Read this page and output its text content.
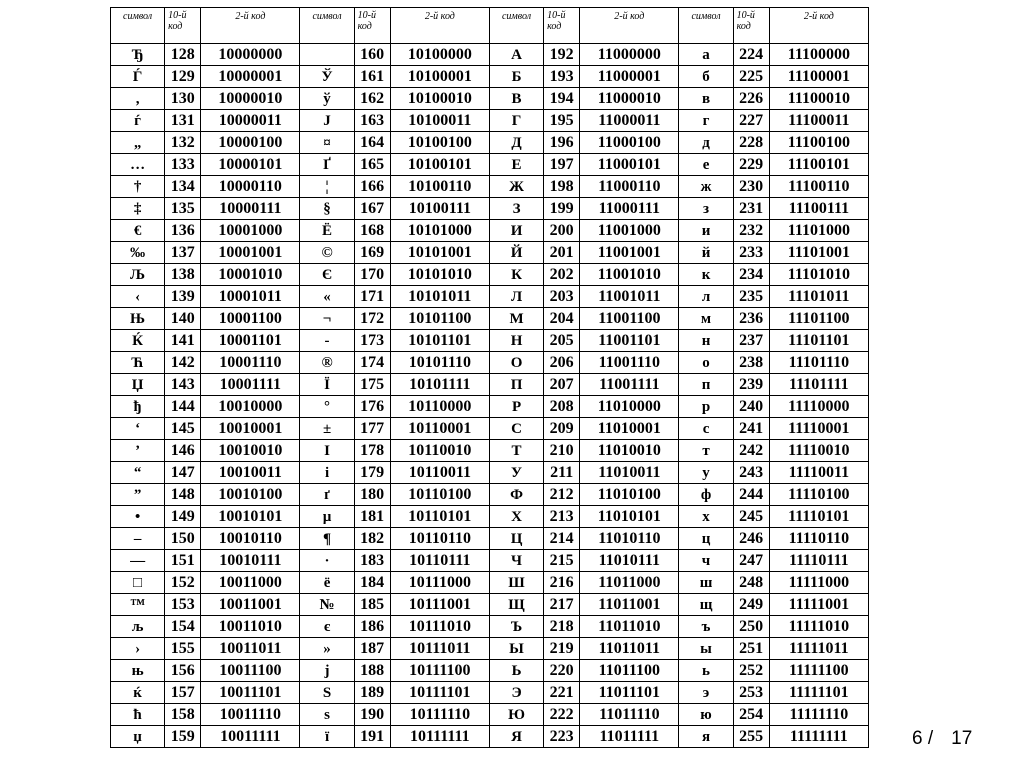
символ	10-й код	2-й код	символ	10-й код	2-й код	символ	10-й код	2-й код	символ	10-й код	2-й код
Ђ	128	10000000		160	10100000	А	192	11000000	а	224	11100000
Ѓ	129	10000001	Ў	161	10100001	Б	193	11000001	б	225	11100001
‚	130	10000010	ў	162	10100010	В	194	11000010	в	226	11100010
ѓ	131	10000011	Ј	163	10100011	Г	195	11000011	г	227	11100011
„	132	10000100	¤	164	10100100	Д	196	11000100	д	228	11100100
…	133	10000101	Ґ	165	10100101	Е	197	11000101	е	229	11100101
†	134	10000110	¦	166	10100110	Ж	198	11000110	ж	230	11100110
‡	135	10000111	§	167	10100111	З	199	11000111	з	231	11100111
€	136	10001000	Ё	168	10101000	И	200	11001000	и	232	11101000
‰	137	10001001	©	169	10101001	Й	201	11001001	й	233	11101001
Љ	138	10001010	Є	170	10101010	К	202	11001010	к	234	11101010
‹	139	10001011	«	171	10101011	Л	203	11001011	л	235	11101011
Њ	140	10001100	¬	172	10101100	М	204	11001100	м	236	11101100
Ќ	141	10001101	-	173	10101101	Н	205	11001101	н	237	11101101
Ћ	142	10001110	®	174	10101110	О	206	11001110	о	238	11101110
Џ	143	10001111	Ї	175	10101111	П	207	11001111	п	239	11101111
ђ	144	10010000	°	176	10110000	Р	208	11010000	р	240	11110000
‘	145	10010001	±	177	10110001	С	209	11010001	с	241	11110001
’	146	10010010	І	178	10110010	Т	210	11010010	т	242	11110010
“	147	10010011	і	179	10110011	У	211	11010011	у	243	11110011
”	148	10010100	ґ	180	10110100	Ф	212	11010100	ф	244	11110100
•	149	10010101	µ	181	10110101	Х	213	11010101	х	245	11110101
–	150	10010110	¶	182	10110110	Ц	214	11010110	ц	246	11110110
—	151	10010111	·	183	10110111	Ч	215	11010111	ч	247	11110111
□	152	10011000	ё	184	10111000	Ш	216	11011000	ш	248	11111000
™	153	10011001	№	185	10111001	Щ	217	11011001	щ	249	11111001
љ	154	10011010	є	186	10111010	Ъ	218	11011010	ъ	250	11111010
›	155	10011011	»	187	10111011	Ы	219	11011011	ы	251	11111011
њ	156	10011100	ј	188	10111100	Ь	220	11011100	ь	252	11111100
ќ	157	10011101	Ѕ	189	10111101	Э	221	11011101	э	253	11111101
ћ	158	10011110	ѕ	190	10111110	Ю	222	11011110	ю	254	11111110
џ	159	10011111	ї	191	10111111	Я	223	11011111	я	255	11111111	6 / 17
